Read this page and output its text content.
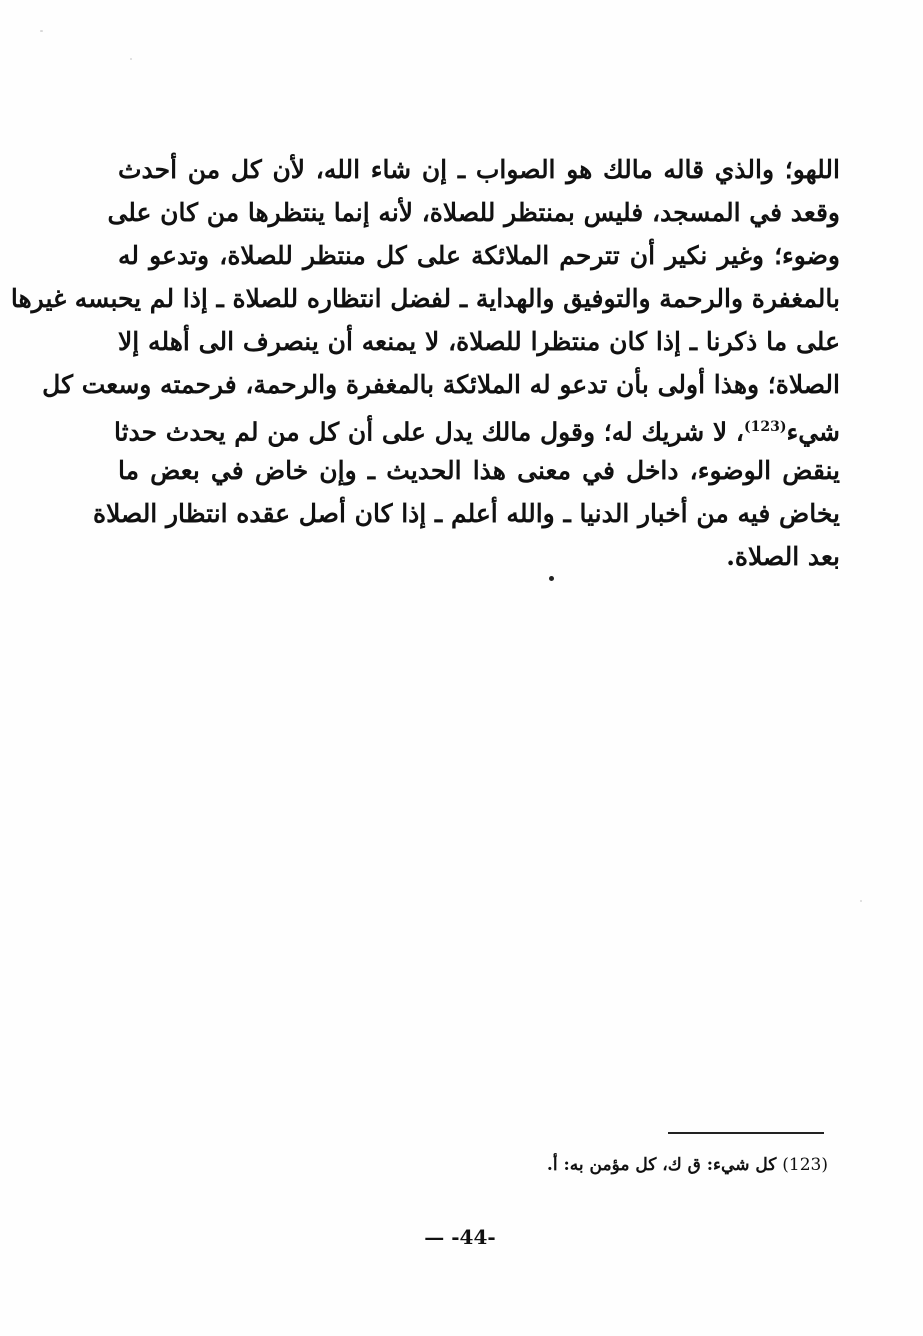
اللهو؛ والذي قاله مالك هو الصواب ـ إن شاء الله، لأن كل من أحدث
وقعد في المسجد، فليس بمنتظر للصلاة، لأنه إنما ينتظرها من كان على
وضوء؛ وغير نكير أن تترحم الملائكة على كل منتظر للصلاة، وتدعو له
بالمغفرة والرحمة والتوفيق والهداية ـ لفضل انتظاره للصلاة ـ إذا لم يحبسه غيرها
على ما ذكرنا ـ إذا كان منتظرا للصلاة، لا يمنعه أن ينصرف الى أهله إلا
الصلاة؛ وهذا أولى بأن تدعو له الملائكة بالمغفرة والرحمة، فرحمته وسعت كل
شيء$^{(123)}$، لا شريك له؛ وقول مالك يدل على أن كل من لم يحدث حدثا
ينقض الوضوء، داخل في معنى هذا الحديث ـ وإن خاض في بعض ما
يخاض فيه من أخبار الدنيا ـ والله أعلم ـ إذا كان أصل عقده انتظار الصلاة
بعد الصلاة.
(123) كل شيء: ق ك، كل مؤمن به: أ.
— -44-
